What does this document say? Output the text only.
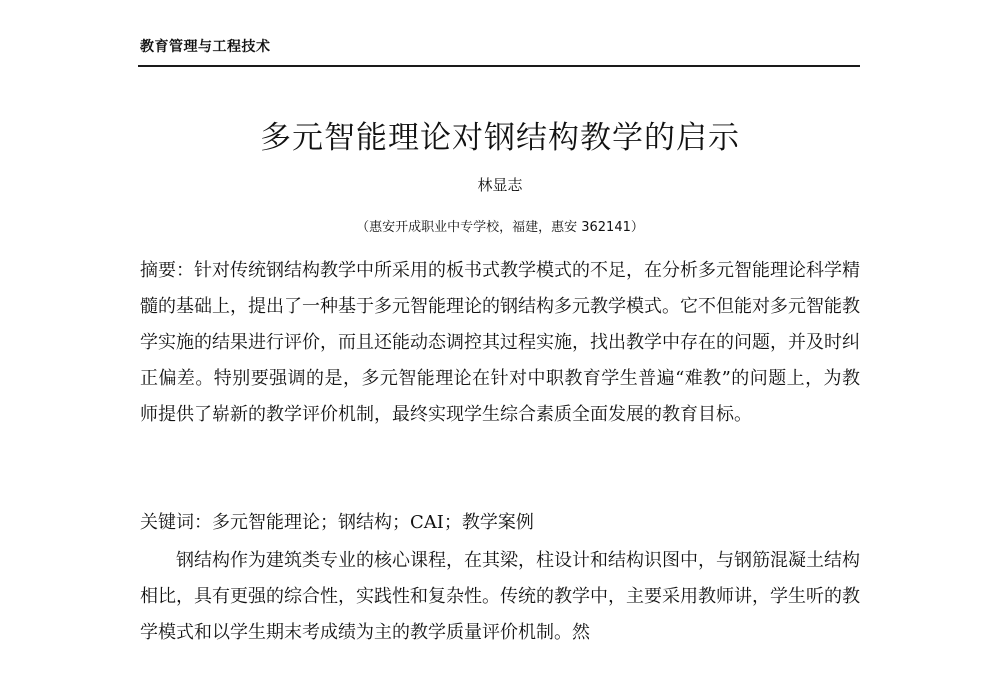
教育管理与工程技术
多元智能理论对钢结构教学的启示
林显志
（惠安开成职业中专学校，福建，惠安 362141）
摘要：针对传统钢结构教学中所采用的板书式教学模式的不足，在分析多元智能理论科学精髓的基础上，提出了一种基于多元智能理论的钢结构多元教学模式。它不但能对多元智能教学实施的结果进行评价，而且还能动态调控其过程实施，找出教学中存在的问题，并及时纠正偏差。特别要强调的是，多元智能理论在针对中职教育学生普遍“难教”的问题上，为教师提供了崭新的教学评价机制，最终实现学生综合素质全面发展的教育目标。
关键词：多元智能理论；钢结构；CAI；教学案例
钢结构作为建筑类专业的核心课程，在其梁，柱设计和结构识图中，与钢筋混凝土结构相比，具有更强的综合性，实践性和复杂性。传统的教学中，主要采用教师讲，学生听的教学模式和以学生期末考成绩为主的教学质量评价机制。然
